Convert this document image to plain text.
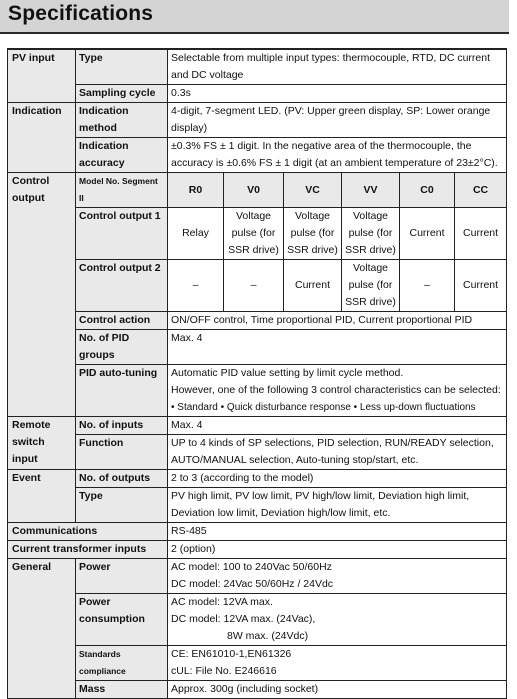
Specifications
PV input	Type	Selectable from multiple input types: thermocouple, RTD, DC current and DC voltage					
	Sampling cycle	0.3s					
Indication	Indication method	4-digit, 7-segment LED. (PV: Upper green display, SP: Lower orange display)					
	Indication accuracy	±0.3% FS ± 1 digit. In the negative area of the thermocouple, the accuracy is ±0.6% FS ± 1 digit (at an ambient temperature of 23±2°C).					
Control output	Model No. Segment II	R0	V0	VC	VV	C0	CC
	Control output 1	Relay	Voltage pulse (for SSR drive)	Voltage pulse (for SSR drive)	Voltage pulse (for SSR drive)	Current	Current
	Control output 2	–	–	Current	Voltage pulse (for SSR drive)	–	Current
	Control action	ON/OFF control, Time proportional PID, Current proportional PID					
	No. of PID groups	Max. 4					
	PID auto-tuning	Automatic PID value setting by limit cycle method.
However, one of the following 3 control characteristics can be selected:
• Standard • Quick disturbance response • Less up-down fluctuations					

Remote switch input	No. of inputs	Max. 4					
	Function	UP to 4 kinds of SP selections, PID selection, RUN/READY selection, AUTO/MANUAL selection, Auto-tuning stop/start, etc.					
Event	No. of outputs	2 to 3 (according to the model)					
	Type	PV high limit, PV low limit, PV high/low limit, Deviation high limit, Deviation low limit, Deviation high/low limit, etc.					
Communications		RS-485					
Current transformer inputs		2 (option)					
General	Power	AC model: 100 to 240Vac 50/60Hz
DC model: 24Vac 50/60Hz / 24Vdc					

	Power consumption	AC model: 12VA max.
DC model: 12VA max. (24Vac),
8W max. (24Vdc)					

	Standards compliance	CE: EN61010-1,EN61326
cUL: File No. E246616					

	Mass	Approx. 300g (including socket)					
